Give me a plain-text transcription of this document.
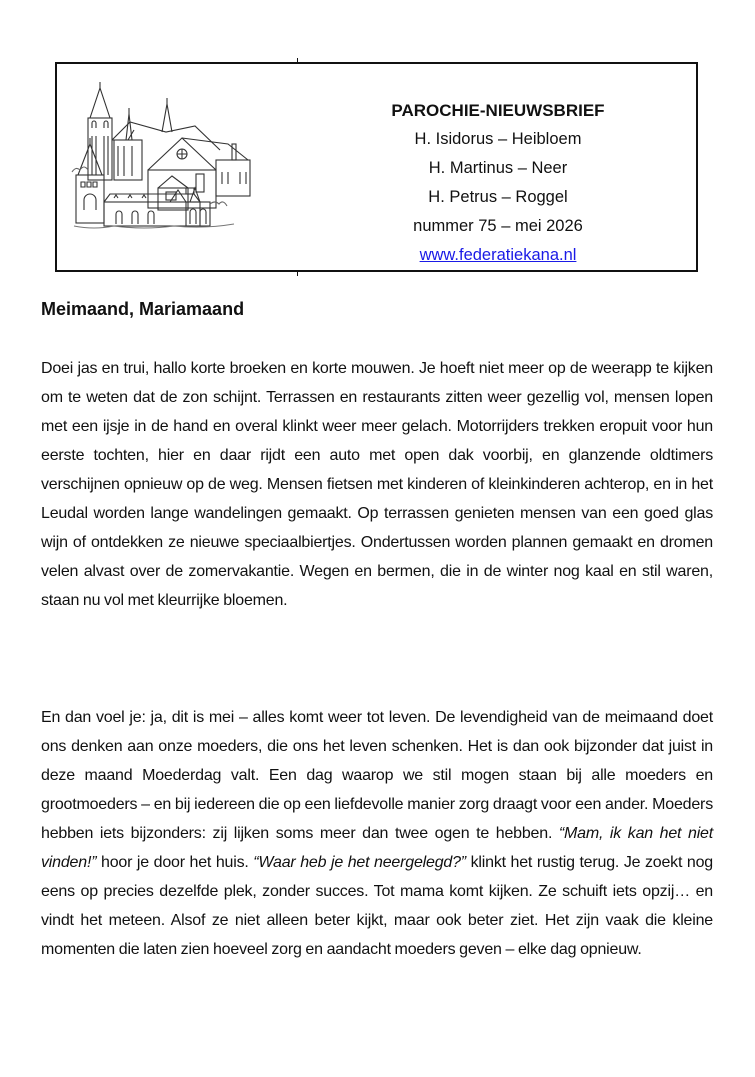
PAROCHIE-NIEUWSBRIEF
H. Isidorus – Heibloem
H. Martinus – Neer
H. Petrus – Roggel
nummer 75 – mei 2026
www.federatiekana.nl
Meimaand, Mariamaand

Doei jas en trui, hallo korte broeken en korte mouwen. Je hoeft niet meer op de weerapp te kijken om te weten dat de zon schijnt. Terrassen en restaurants zitten weer gezellig vol, mensen lopen met een ijsje in de hand en overal klinkt weer meer gelach. Motorrijders trekken eropuit voor hun eerste tochten, hier en daar rijdt een auto met open dak voorbij, en glanzende oldtimers verschijnen opnieuw op de weg. Mensen fietsen met kinderen of kleinkinderen achterop, en in het Leudal worden lange wandelingen gemaakt. Op terrassen genieten mensen van een goed glas wijn of ontdekken ze nieuwe speciaalbiertjes. Ondertussen worden plannen gemaakt en dromen velen alvast over de zomervakantie. Wegen en bermen, die in de winter nog kaal en stil waren, staan nu vol met kleurrijke bloemen.

En dan voel je: ja, dit is mei – alles komt weer tot leven. De levendigheid van de meimaand doet ons denken aan onze moeders, die ons het leven schenken. Het is dan ook bijzonder dat juist in deze maand Moederdag valt. Een dag waarop we stil mogen staan bij alle moeders en grootmoeders – en bij iedereen die op een liefdevolle manier zorg draagt voor een ander. Moeders hebben iets bijzonders: zij lijken soms meer dan twee ogen te hebben. “Mam, ik kan het niet vinden!” hoor je door het huis. “Waar heb je het neergelegd?” klinkt het rustig terug. Je zoekt nog eens op precies dezelfde plek, zonder succes. Tot mama komt kijken. Ze schuift iets opzij… en vindt het meteen. Alsof ze niet alleen beter kijkt, maar ook beter ziet. Het zijn vaak die kleine momenten die laten zien hoeveel zorg en aandacht moeders geven – elke dag opnieuw.
